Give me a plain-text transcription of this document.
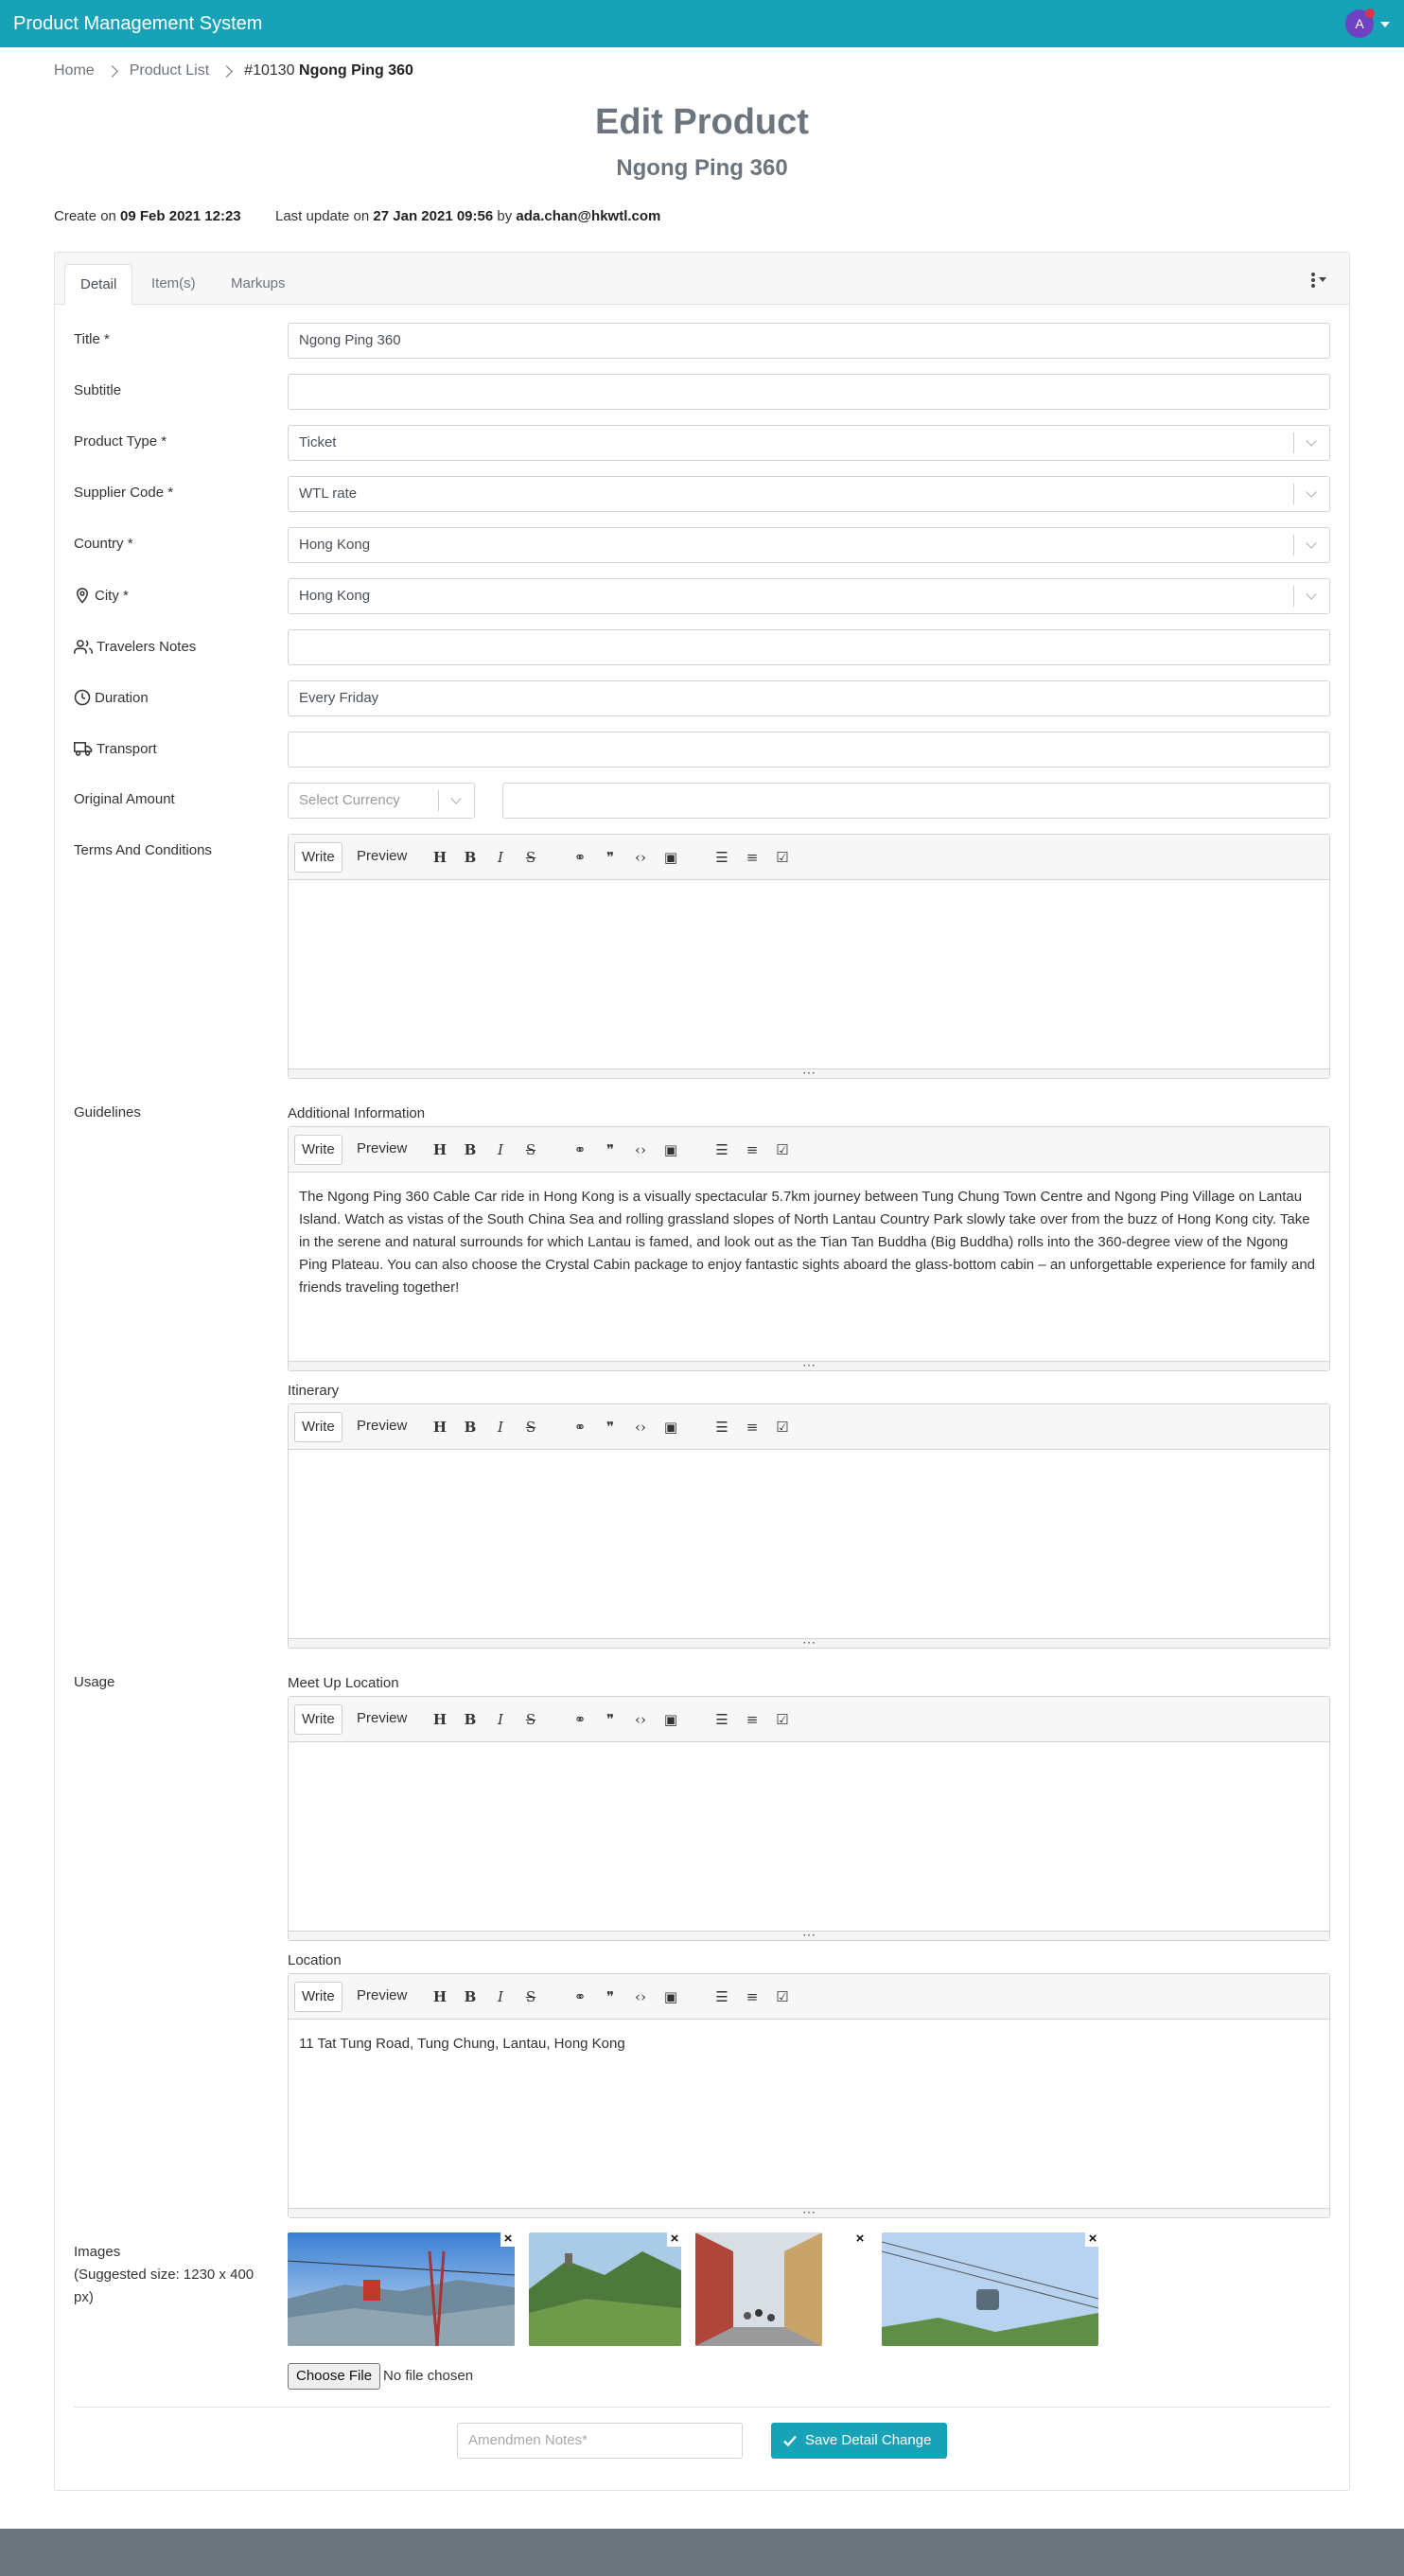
Product Management System	A
Home Product List #10130 Ngong Ping 360
Edit Product
Ngong Ping 360
Create on 09 Feb 2021 12:23 Last update on 27 Jan 2021 09:56 by ada.chan@hkwtl.com
Detail	Item(s)	Markups
Title *	Ngong Ping 360
Subtitle
Product Type *	Ticket
Supplier Code *	WTL rate
Country *	Hong Kong
City *	Hong Kong
Travelers Notes
Duration	Every Friday
Transport
Original Amount	Select Currency
Terms And Conditions	Write	Preview	H B	I	S	⚭	❞	‹› ▣	☰ ≡ ☑
⋯
Guidelines	Additional Information
Write	Preview	H B	I	S	⚭	❞	‹› ▣	☰ ≡ ☑
The Ngong Ping 360 Cable Car ride in Hong Kong is a visually spectacular 5.7km journey between Tung Chung Town Centre and Ngong Ping Village on Lantau Island. Watch as vistas of the South China Sea and rolling grassland slopes of North Lantau Country Park slowly take over from the buzz of Hong Kong city. Take in the serene and natural surrounds for which Lantau is famed, and look out as the Tian Tan Buddha (Big Buddha) rolls into the 360-degree view of the Ngong Ping Plateau. You can also choose the Crystal Cabin package to enjoy fantastic sights aboard the glass-bottom cabin – an unforgettable experience for family and friends traveling together!
⋯
Itinerary
Write	Preview	H B	I	S	⚭	❞	‹› ▣	☰ ≡ ☑
⋯
Usage	Meet Up Location
Write	Preview	H B	I	S	⚭	❞	‹› ▣	☰ ≡ ☑
⋯
Location
Write	Preview	H B	I	S	⚭	❞	‹› ▣	☰ ≡ ☑
11 Tat Tung Road, Tung Chung, Lantau, Hong Kong
⋯
Images
(Suggested size: 1230 x 400 px)
×	×	×	×
Choose File No file chosen
Amendmen Notes*	Save Detail Change
